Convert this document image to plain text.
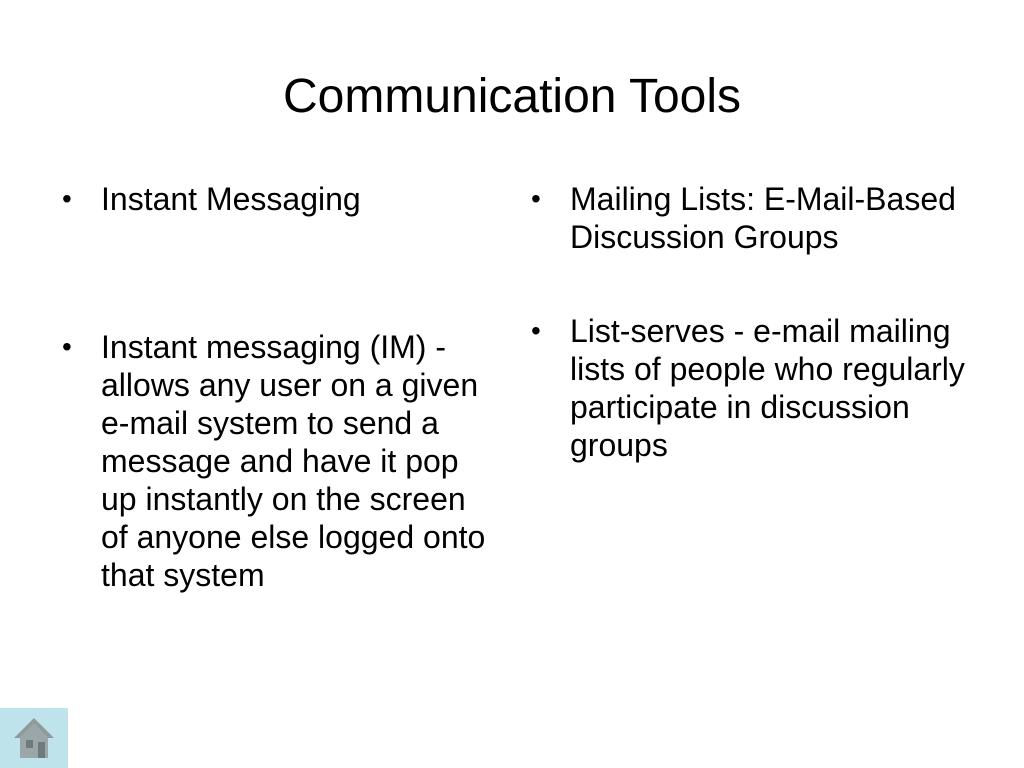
Communication Tools
• Instant Messaging
• Instant messaging (IM) - allows any user on a given e-mail system to send a message and have it pop up instantly on the screen of anyone else logged onto that system
• Mailing Lists: E-Mail-Based Discussion Groups
• List-serves - e-mail mailing lists of people who regularly participate in discussion groups
